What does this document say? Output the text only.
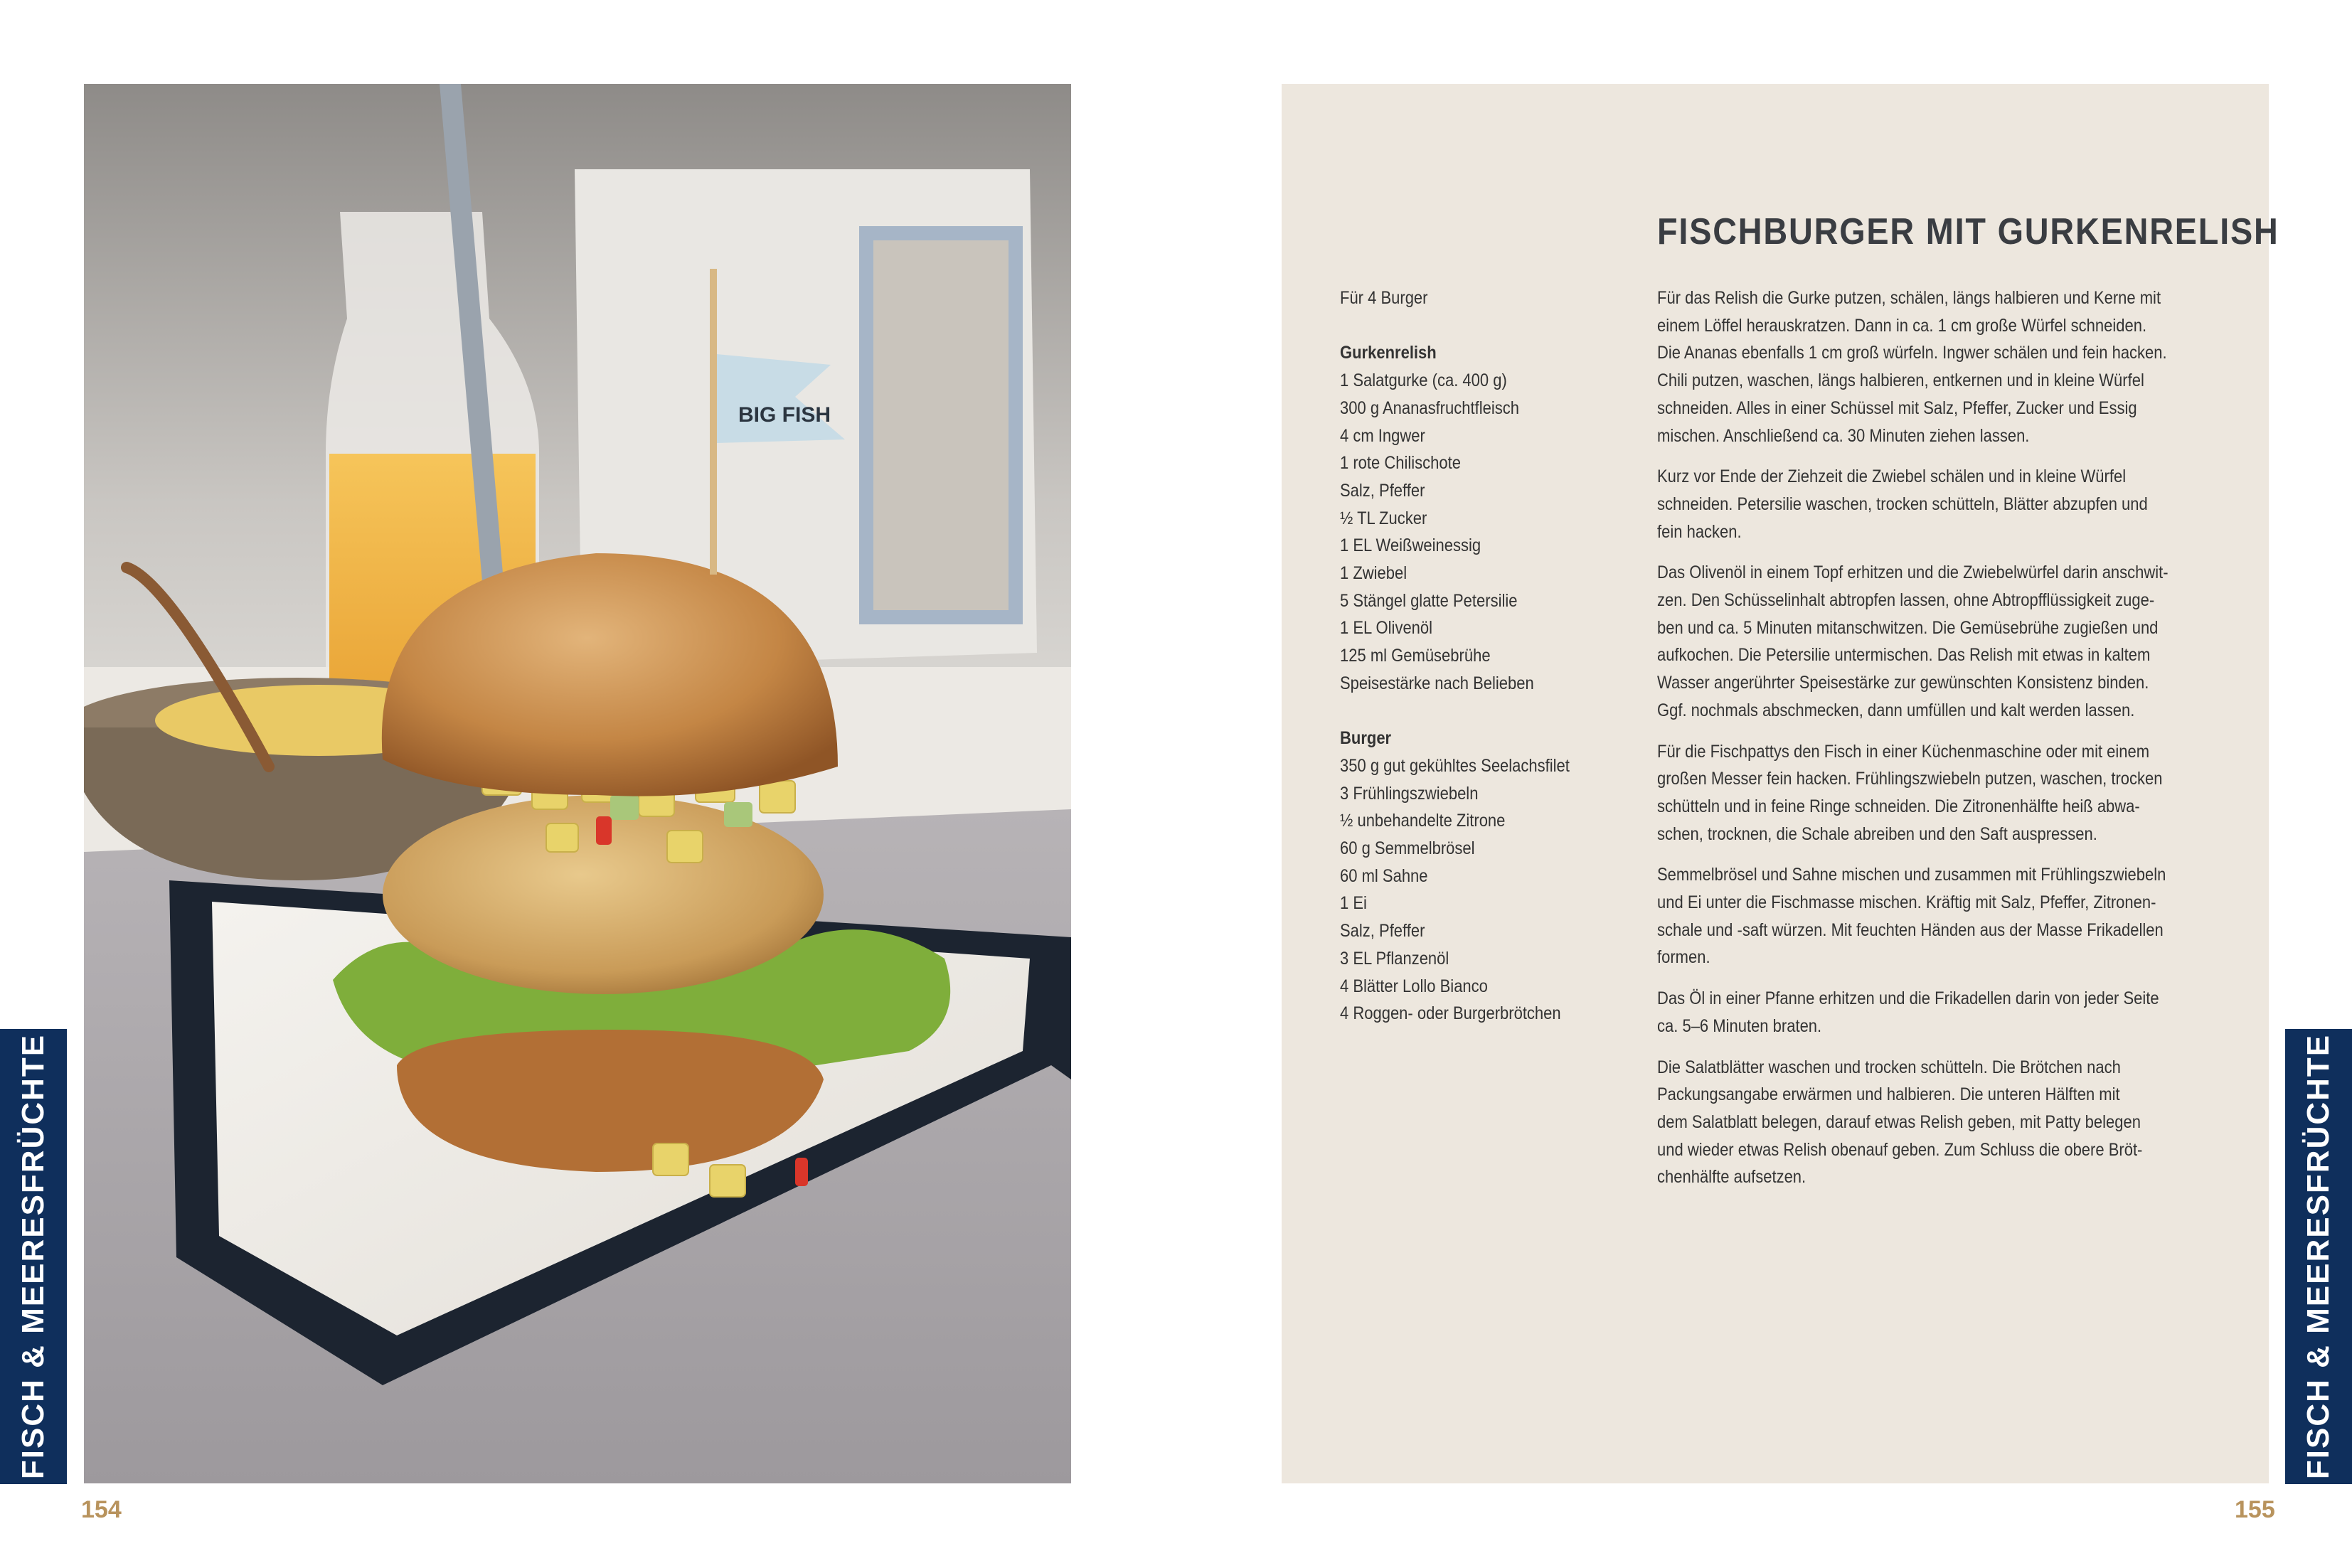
BIG FISH
FISCH & MEERESFRÜCHTE
154
FISCHBURGER MIT GURKENRELISH
Für 4 Burger
Gurkenrelish
1 Salatgurke (ca. 400 g)
300 g Ananasfruchtfleisch
4 cm Ingwer
1 rote Chilischote
Salz, Pfeffer
½ TL Zucker
1 EL Weißweinessig
1 Zwiebel
5 Stängel glatte Petersilie
1 EL Olivenöl
125 ml Gemüsebrühe
Speisestärke nach Belieben
Burger
350 g gut gekühltes Seelachsfilet
3 Frühlingszwiebeln
½ unbehandelte Zitrone
60 g Semmelbrösel
60 ml Sahne
1 Ei
Salz, Pfeffer
3 EL Pflanzenöl
4 Blätter Lollo Bianco
4 Roggen- oder Burgerbrötchen

Für das Relish die Gurke putzen, schälen, längs halbieren und Kerne mit
einem Löffel herauskratzen. Dann in ca. 1 cm große Würfel schneiden.
Die Ananas ebenfalls 1 cm groß würfeln. Ingwer schälen und fein hacken.
Chili putzen, waschen, längs halbieren, entkernen und in kleine Würfel
schneiden. Alles in einer Schüssel mit Salz, Pfeffer, Zucker und Essig
mischen. Anschließend ca. 30 Minuten ziehen lassen.

Kurz vor Ende der Ziehzeit die Zwiebel schälen und in kleine Würfel
schneiden. Petersilie waschen, trocken schütteln, Blätter abzupfen und
fein hacken.

Das Olivenöl in einem Topf erhitzen und die Zwiebelwürfel darin anschwit-
zen. Den Schüsselinhalt abtropfen lassen, ohne Abtropfflüssigkeit zuge-
ben und ca. 5 Minuten mitanschwitzen. Die Gemüsebrühe zugießen und
aufkochen. Die Petersilie untermischen. Das Relish mit etwas in kaltem
Wasser angerührter Speisestärke zur gewünschten Konsistenz binden.
Ggf. nochmals abschmecken, dann umfüllen und kalt werden lassen.

Für die Fischpattys den Fisch in einer Küchenmaschine oder mit einem
großen Messer fein hacken. Frühlingszwiebeln putzen, waschen, trocken
schütteln und in feine Ringe schneiden. Die Zitronenhälfte heiß abwa-
schen, trocknen, die Schale abreiben und den Saft auspressen.

Semmelbrösel und Sahne mischen und zusammen mit Frühlingszwiebeln
und Ei unter die Fischmasse mischen. Kräftig mit Salz, Pfeffer, Zitronen-
schale und -saft würzen. Mit feuchten Händen aus der Masse Frikadellen
formen.

Das Öl in einer Pfanne erhitzen und die Frikadellen darin von jeder Seite
ca. 5–6 Minuten braten.

Die Salatblätter waschen und trocken schütteln. Die Brötchen nach
Packungsangabe erwärmen und halbieren. Die unteren Hälften mit
dem Salatblatt belegen, darauf etwas Relish geben, mit Patty belegen
und wieder etwas Relish obenauf geben. Zum Schluss die obere Bröt-
chenhälfte aufsetzen.	FISCH & MEERESFRÜCHTE
155
